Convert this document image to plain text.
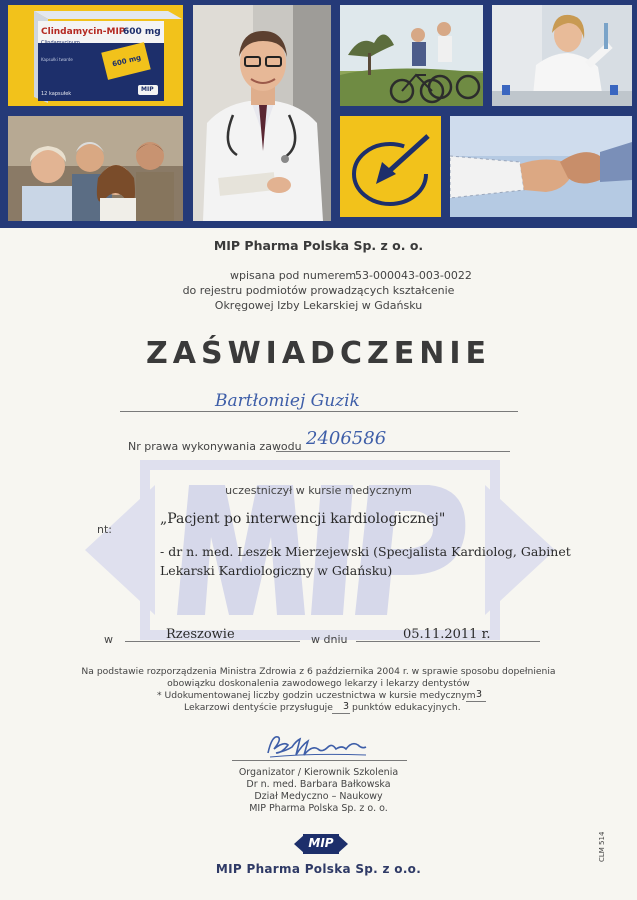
Clindamycin-MIP
600 mg
Clindamycinum
Kapsułki twarde	600 mg
12 kapsułek
MIP
MIP Pharma Polska Sp. z o. o.
wpisana pod numerem
53-000043-003-0022
do rejestru podmiotów prowadzących kształcenie
Okręgowej Izby Lekarskiej w Gdańsku
ZAŚWIADCZENIE
Bartłomiej Guzik
Nr prawa wykonywania zawodu 2406586
uczestniczył w kursie medycznym
nt:
„Pacjent po interwencji kardiologicznej"
- dr n. med. Leszek Mierzejewski (Specjalista Kardiolog, Gabinet
Lekarski Kardiologiczny w Gdańsku)
w	Rzeszowie	w dniu	05.11.2011 r.
Na podstawie rozporządzenia Ministra Zdrowia z 6 października 2004 r. w sprawie sposobu dopełnienia
obowiązku doskonalenia zawodowego lekarzy i lekarzy dentystów
* Udokumentowanej liczby godzin uczestnictwa w kursie medycznym 3
Lekarzowi dentyście przysługuje 3 punktów edukacyjnych.
Organizator / Kierownik Szkolenia
Dr n. med. Barbara Bałkowska
Dział Medyczno – Naukowy
MIP Pharma Polska Sp. z o. o.
MIP
MIP Pharma Polska Sp. z o.o.
CLM 514
